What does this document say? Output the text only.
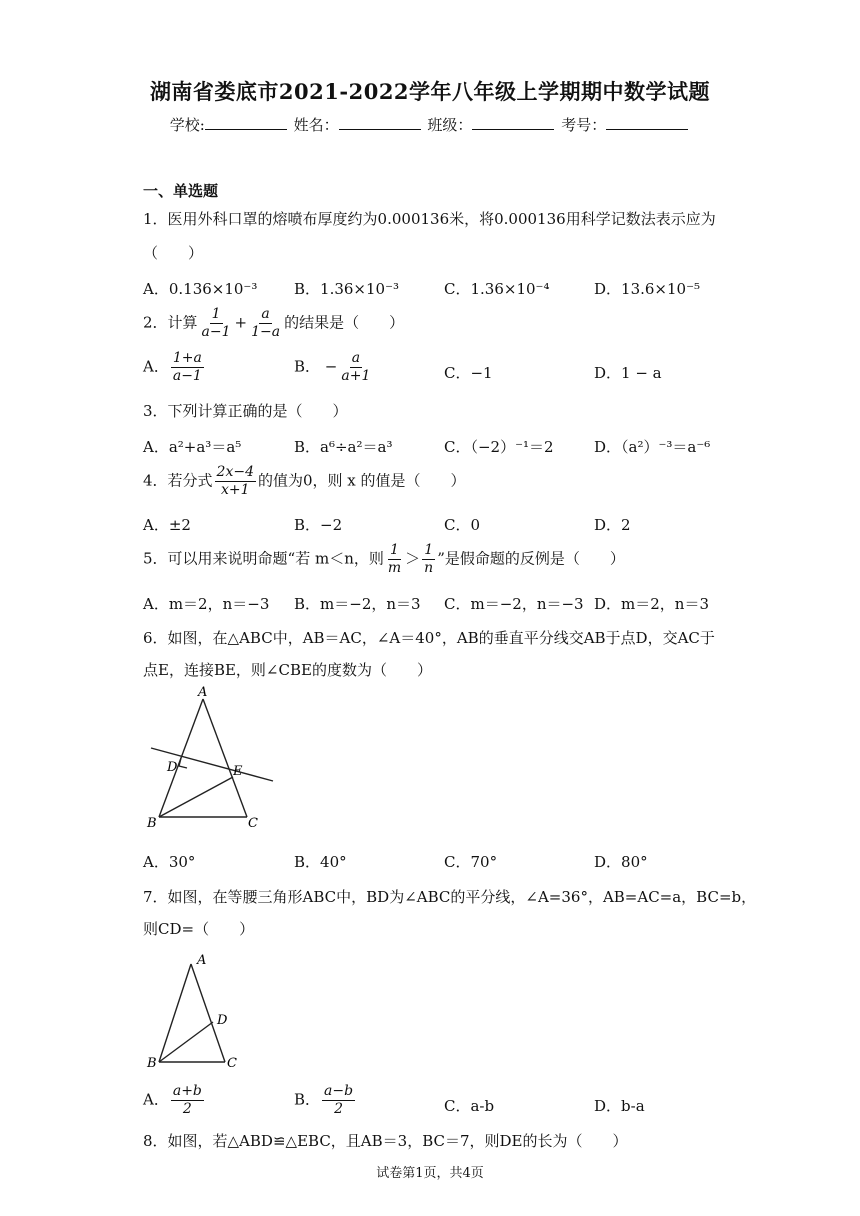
湖南省娄底市2021-2022学年八年级上学期期中数学试题
学校:	姓名：	班级：	考号：
一、单选题
1．医用外科口罩的熔喷布厚度约为0.000136米，将0.000136用科学记数法表示应为
（　　）
A．0.136×10⁻³ B．1.36×10⁻³	C．1.36×10⁻⁴	D．13.6×10⁻⁵
2．计算 $\frac{1}{a-1} + \frac{a}{1-a}$ 的结果是（　　）
A． $\frac{1+a}{a-1}$	B． − $\frac{a}{a+1}$	C．−1	D．1 − a
3．下列计算正确的是（　　）
A．a²+a³＝a⁵	B．a⁶÷a²＝a³	C．（−2）⁻¹＝2	D．（a²）⁻³＝a⁻⁶
4．若分式 $\frac{2x-4}{x+1}$ 的值为0，则 x 的值是（　　）
A．±2	B．−2	C．0	D．2
5．可以用来说明命题“若 m＜n，则 $\frac{1}{m} > \frac{1}{n}$ ”是假命题的反例是（　　）
A．m＝2，n＝−3 B．m＝−2，n＝3 C．m＝−2，n＝−3 D．m＝2，n＝3
6．如图，在△ABC中，AB＝AC，∠A＝40°，AB的垂直平分线交AB于点D，交AC于
点E，连接BE，则∠CBE的度数为（　　）
A
D	E
B	C
A．30°	B．40°	C．70°	D．80°
7．如图，在等腰三角形ABC中，BD为∠ABC的平分线，∠A=36°，AB=AC=a，BC=b，
则CD=（　　）
A
D
B	C
A． $\frac{a+b}{2}$	B． $\frac{a-b}{2}$	C．a-b	D．b-a
8．如图，若△ABD≌△EBC，且AB＝3，BC＝7，则DE的长为（　　）
试卷第1页，共4页
